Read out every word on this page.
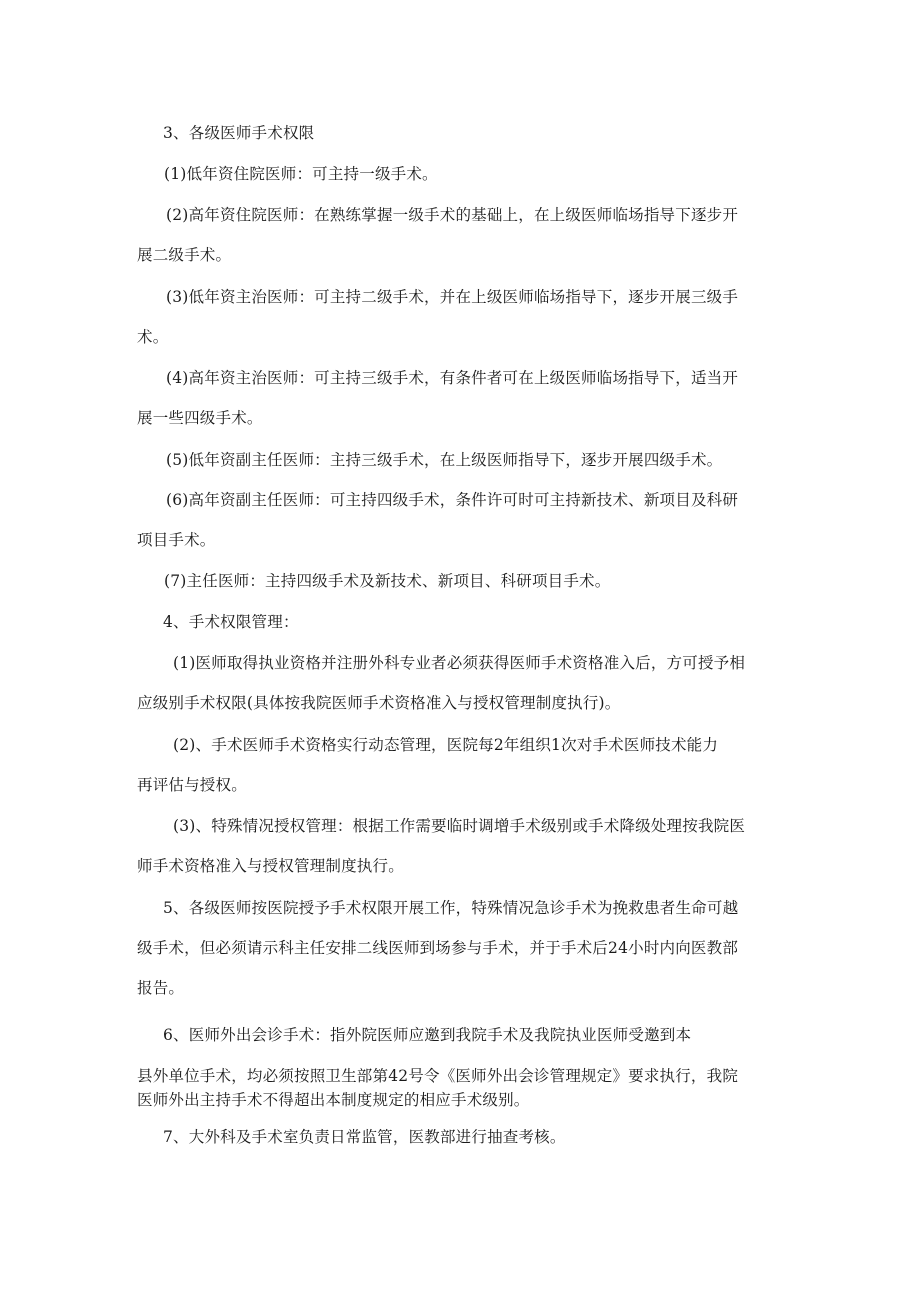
3、各级医师手术权限
(1)低年资住院医师：可主持一级手术。
(2)高年资住院医师：在熟练掌握一级手术的基础上，在上级医师临场指导下逐步开
展二级手术。
(3)低年资主治医师：可主持二级手术，并在上级医师临场指导下，逐步开展三级手
术。
(4)高年资主治医师：可主持三级手术，有条件者可在上级医师临场指导下，适当开
展一些四级手术。
(5)低年资副主任医师：主持三级手术，在上级医师指导下，逐步开展四级手术。
(6)高年资副主任医师：可主持四级手术，条件许可时可主持新技术、新项目及科研
项目手术。
(7)主任医师：主持四级手术及新技术、新项目、科研项目手术。
4、手术权限管理：
(1)医师取得执业资格并注册外科专业者必须获得医师手术资格准入后，方可授予相
应级别手术权限(具体按我院医师手术资格准入与授权管理制度执行)。
(2)、手术医师手术资格实行动态管理，医院每2年组织1次对手术医师技术能力
再评估与授权。
(3)、特殊情况授权管理：根据工作需要临时调增手术级别或手术降级处理按我院医
师手术资格准入与授权管理制度执行。
5、各级医师按医院授予手术权限开展工作，特殊情况急诊手术为挽救患者生命可越
级手术，但必须请示科主任安排二线医师到场参与手术，并于手术后24小时内向医教部
报告。
6、医师外出会诊手术：指外院医师应邀到我院手术及我院执业医师受邀到本
县外单位手术，均必须按照卫生部第42号令《医师外出会诊管理规定》要求执行，我院
医师外出主持手术不得超出本制度规定的相应手术级别。
7、大外科及手术室负责日常监管，医教部进行抽查考核。
